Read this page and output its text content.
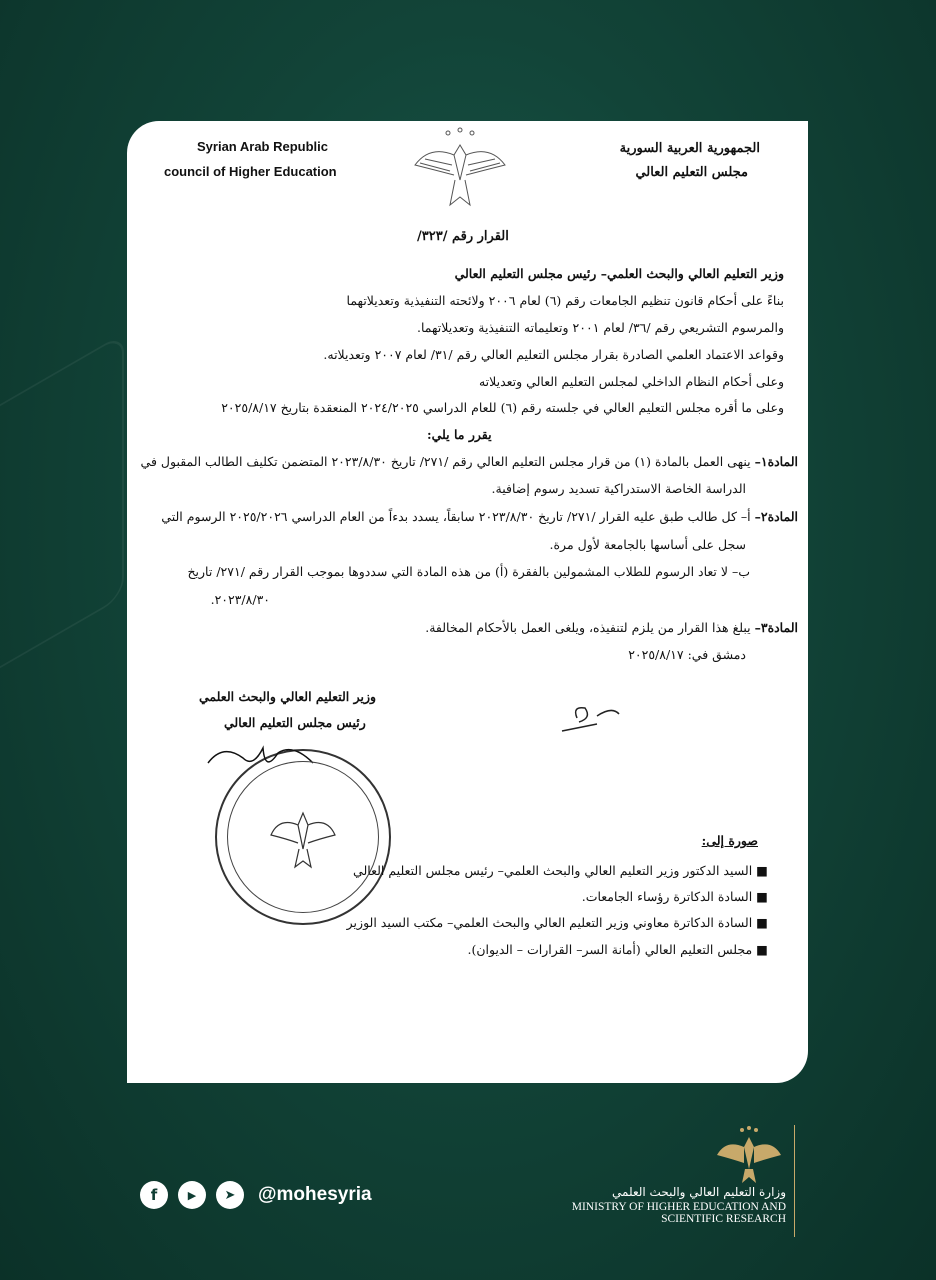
Syrian Arab Republic
council of Higher Education
الجمهورية العربية السورية
مجلس التعليم العالي
القرار رقم /٣٢٣/
وزير التعليم العالي والبحث العلمي– رئيس مجلس التعليم العالي
بناءً على أحكام قانون تنظيم الجامعات رقم (٦) لعام ٢٠٠٦ ولائحته التنفيذية وتعديلاتهما
والمرسوم التشريعي رقم /٣٦/ لعام ٢٠٠١ وتعليماته التنفيذية وتعديلاتهما.
وقواعد الاعتماد العلمي الصادرة بقرار مجلس التعليم العالي رقم /٣١/ لعام ٢٠٠٧ وتعديلاته.
وعلى أحكام النظام الداخلي لمجلس التعليم العالي وتعديلاته
وعلى ما أقره مجلس التعليم العالي في جلسته رقم (٦) للعام الدراسي ٢٠٢٤/٢٠٢٥ المنعقدة بتاريخ ٢٠٢٥/٨/١٧
يقرر ما يلي:
المادة١– ينهى العمل بالمادة (١) من قرار مجلس التعليم العالي رقم /٢٧١/ تاريخ ٢٠٢٣/٨/٣٠ المتضمن تكليف الطالب المقبول في
الدراسة الخاصة الاستدراكية تسديد رسوم إضافية.
المادة٢– أ– كل طالب طبق عليه القرار /٢٧١/ تاريخ ٢٠٢٣/٨/٣٠ سابقاً، يسدد بدءاً من العام الدراسي ٢٠٢٥/٢٠٢٦ الرسوم التي
سجل على أساسها بالجامعة لأول مرة.
ب– لا تعاد الرسوم للطلاب المشمولين بالفقرة (أ) من هذه المادة التي سددوها بموجب القرار رقم /٢٧١/ تاريخ
٢٠٢٣/٨/٣٠.
المادة٣– يبلغ هذا القرار من يلزم لتنفيذه، ويلغى العمل بالأحكام المخالفة.
دمشق في: ٢٠٢٥/٨/١٧
وزير التعليم العالي والبحث العلمي
رئيس مجلس التعليم العالي
صورة إلى:
■ السيد الدكتور وزير التعليم العالي والبحث العلمي– رئيس مجلس التعليم العالي
■ السادة الدكاترة رؤساء الجامعات.
■ السادة الدكاترة معاوني وزير التعليم العالي والبحث العلمي– مكتب السيد الوزير
■ مجلس التعليم العالي (أمانة السر– القرارات – الديوان).
f	▶	➤	@mohesyria	وزارة التعليم العالي والبحث العلمي
MINISTRY OF HIGHER EDUCATION AND
SCIENTIFIC RESEARCH
